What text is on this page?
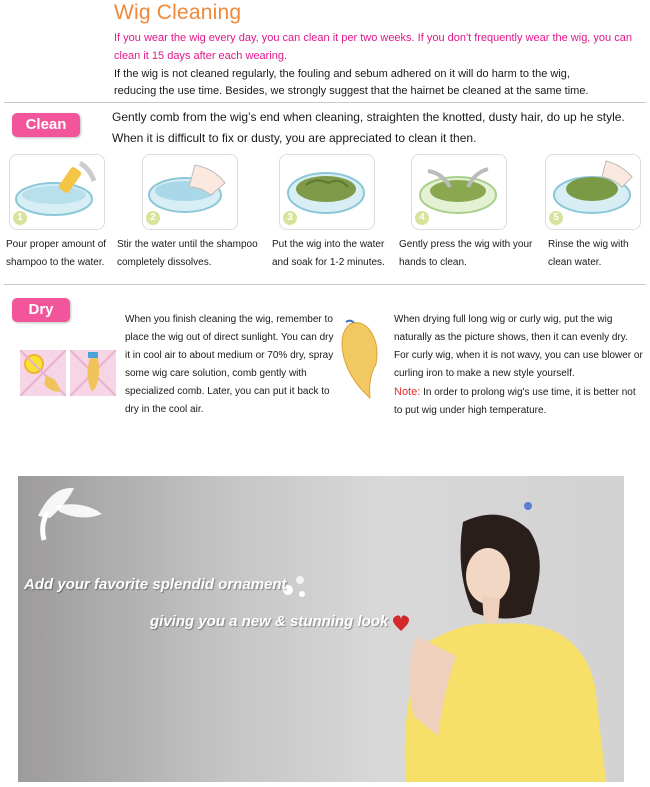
Wig Cleaning
If you wear the wig every day, you can clean it per two weeks. If you don't frequently wear the wig, you can clean it 15 days after each wearing.
If the wig is not cleaned regularly, the fouling and sebum adhered on it will do harm to the wig, reducing the use time. Besides, we strongly suggest that the hairnet be cleaned at the same time.
Clean	Gently comb from the wig’s end when cleaning, straighten the knotted, dusty hair, do up he style. When it is difficult to fix or dusty, you are appreciated to clean it then.
1
Pour proper amount of shampoo to the water.
2
Stir the water until the shampoo completely dissolves.
3
Put the wig into the water and soak for 1-2 minutes.
4
Gently press the wig with your hands to clean.
5
Rinse the wig with clean water.
Dry
When you finish cleaning the wig, remember to place the wig out of direct sunlight. You can dry it in cool air to about medium or 70% dry, spray some wig care solution, comb gently with specialized comb. Later, you can put it back to dry in the cool air.
When drying full long wig or curly wig, put the wig naturally as the picture shows, then it can evenly dry. For curly wig, when it is not wavy, you can use blower or curling iron to make a new style yourself.
Note: In order to prolong wig's use time, it is better not to put wig under high temperature.
Add your favorite splendid ornament
giving you a new & stunning look
